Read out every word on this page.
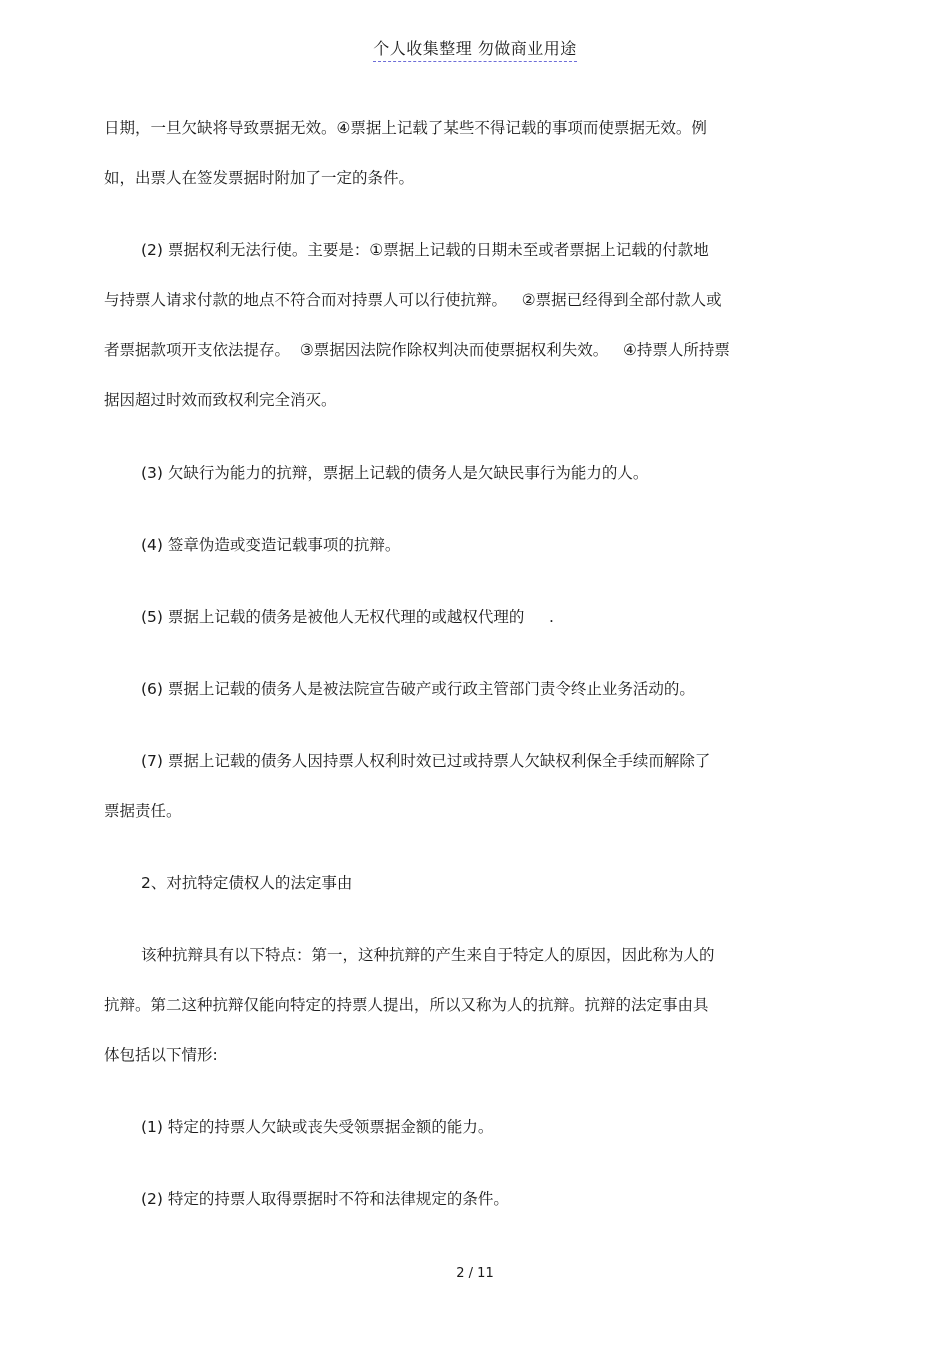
个人收集整理 勿做商业用途
日期，一旦欠缺将导致票据无效。④票据上记载了某些不得记载的事项而使票据无效。例
如，出票人在签发票据时附加了一定的条件。
(2) 票据权利无法行使。主要是：①票据上记载的日期未至或者票据上记载的付款地
与持票人请求付款的地点不符合而对持票人可以行使抗辩。   ②票据已经得到全部付款人或
者票据款项开支依法提存。  ③票据因法院作除权判决而使票据权利失效。   ④持票人所持票
据因超过时效而致权利完全消灭。
(3) 欠缺行为能力的抗辩，票据上记载的债务人是欠缺民事行为能力的人。
(4) 签章伪造或变造记载事项的抗辩。
(5) 票据上记载的债务是被他人无权代理的或越权代理的     .
(6) 票据上记载的债务人是被法院宣告破产或行政主管部门责令终止业务活动的。
(7) 票据上记载的债务人因持票人权利时效已过或持票人欠缺权利保全手续而解除了
票据责任。
2、对抗特定债权人的法定事由
该种抗辩具有以下特点：第一，这种抗辩的产生来自于特定人的原因，因此称为人的
抗辩。第二这种抗辩仅能向特定的持票人提出，所以又称为人的抗辩。抗辩的法定事由具
体包括以下情形:
(1) 特定的持票人欠缺或丧失受领票据金额的能力。
(2) 特定的持票人取得票据时不符和法律规定的条件。
2 / 11
